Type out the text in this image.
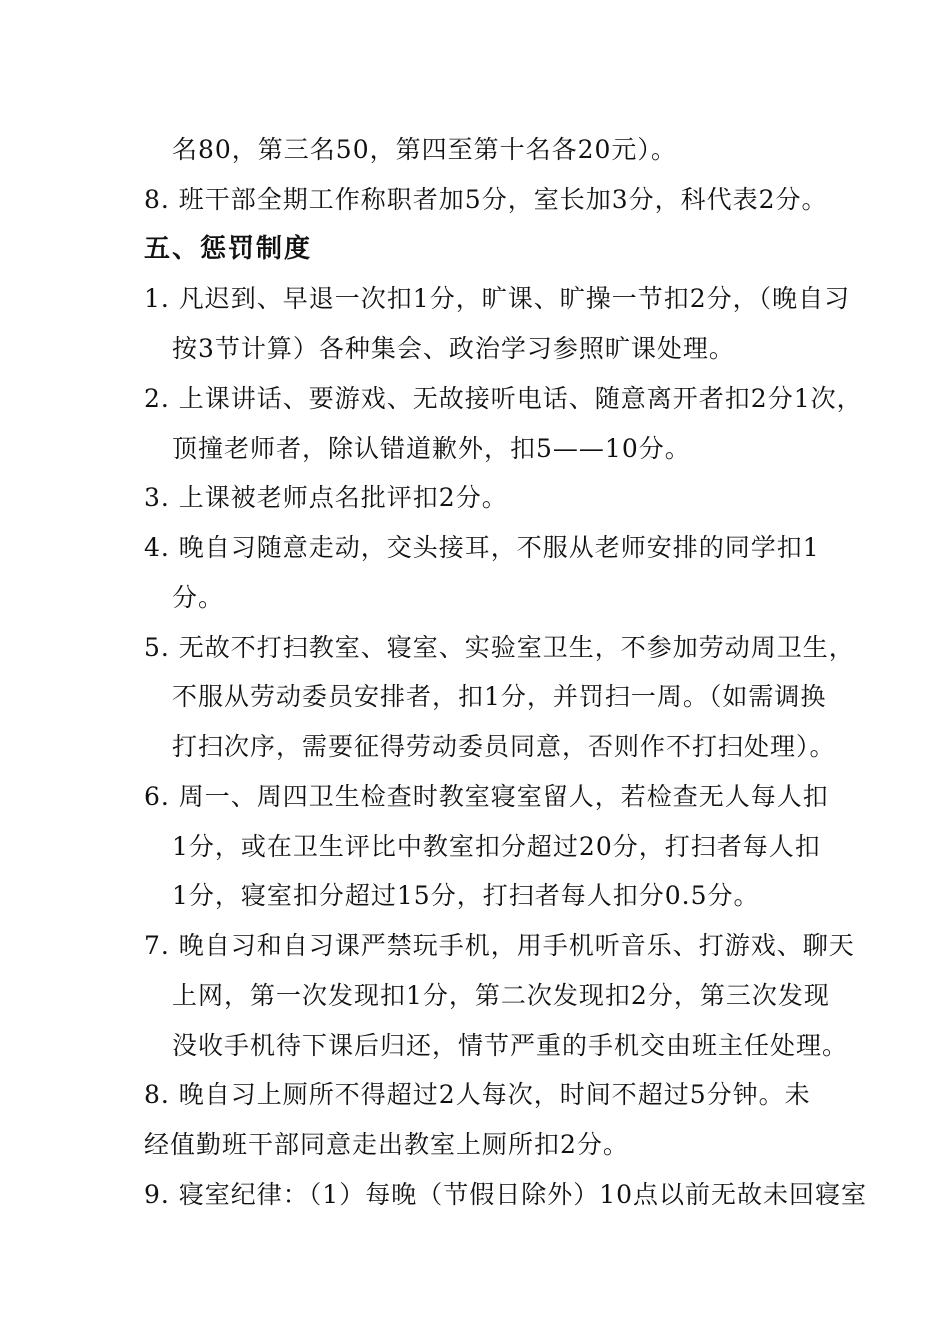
名80，第三名50，第四至第十名各20元）。
8. 班干部全期工作称职者加5分，室长加3分，科代表2分。
五、惩罚制度
1. 凡迟到、早退一次扣1分，旷课、旷操一节扣2分，（晚自习
按3节计算）各种集会、政治学习参照旷课处理。
2. 上课讲话、要游戏、无故接听电话、随意离开者扣2分1次，
顶撞老师者，除认错道歉外，扣5——10分。
3. 上课被老师点名批评扣2分。
4. 晚自习随意走动，交头接耳，不服从老师安排的同学扣1
分。
5. 无故不打扫教室、寝室、实验室卫生，不参加劳动周卫生，
不服从劳动委员安排者，扣1分，并罚扫一周。（如需调换
打扫次序，需要征得劳动委员同意，否则作不打扫处理）。
6. 周一、周四卫生检查时教室寝室留人，若检查无人每人扣
1分，或在卫生评比中教室扣分超过20分，打扫者每人扣
1分，寝室扣分超过15分，打扫者每人扣分0.5分。
7. 晚自习和自习课严禁玩手机，用手机听音乐、打游戏、聊天
上网，第一次发现扣1分，第二次发现扣2分，第三次发现
没收手机待下课后归还，情节严重的手机交由班主任处理。
8. 晚自习上厕所不得超过2人每次，时间不超过5分钟。未
经值勤班干部同意走出教室上厕所扣2分。
9. 寝室纪律：（1）每晚（节假日除外）10点以前无故未回寝室
